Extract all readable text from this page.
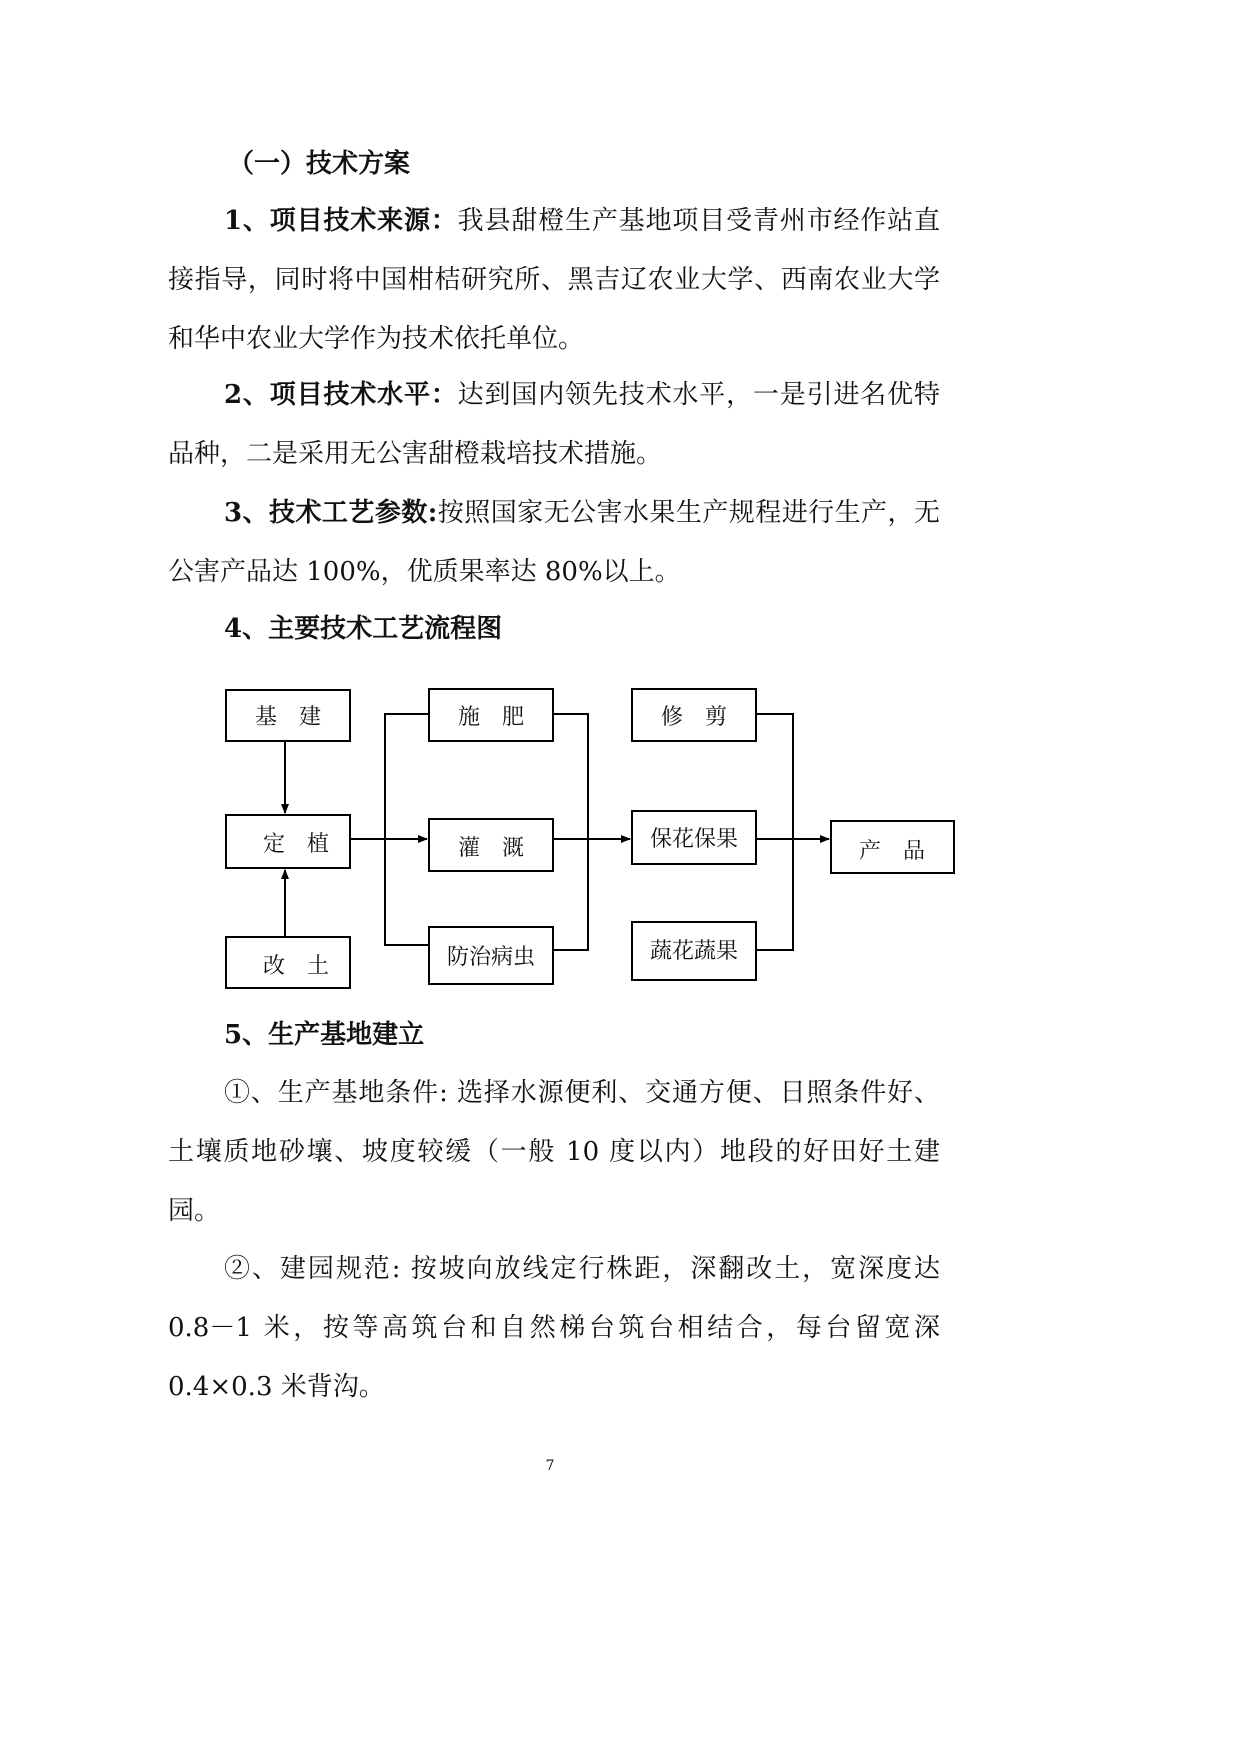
（一）技术方案
1、项目技术来源：我县甜橙生产基地项目受青州市经作站直接指导，同时将中国柑桔研究所、黑吉辽农业大学、西南农业大学和华中农业大学作为技术依托单位。
2、项目技术水平：达到国内领先技术水平，一是引进名优特品种，二是采用无公害甜橙栽培技术措施。
3、技术工艺参数:按照国家无公害水果生产规程进行生产，无公害产品达 100%，优质果率达 80%以上。
4、主要技术工艺流程图
基　建
定　植
改　土
施　肥
灌　溉
防治病虫
修　剪
保花保果
蔬花蔬果
产　品
5、生产基地建立
①、生产基地条件: 选择水源便利、交通方便、日照条件好、土壤质地砂壤、坡度较缓（一般 10 度以内）地段的好田好土建园。
②、建园规范: 按坡向放线定行株距，深翻改土，宽深度达 0.8－1 米，按等高筑台和自然梯台筑台相结合，每台留宽深 0.4×0.3 米背沟。
7
